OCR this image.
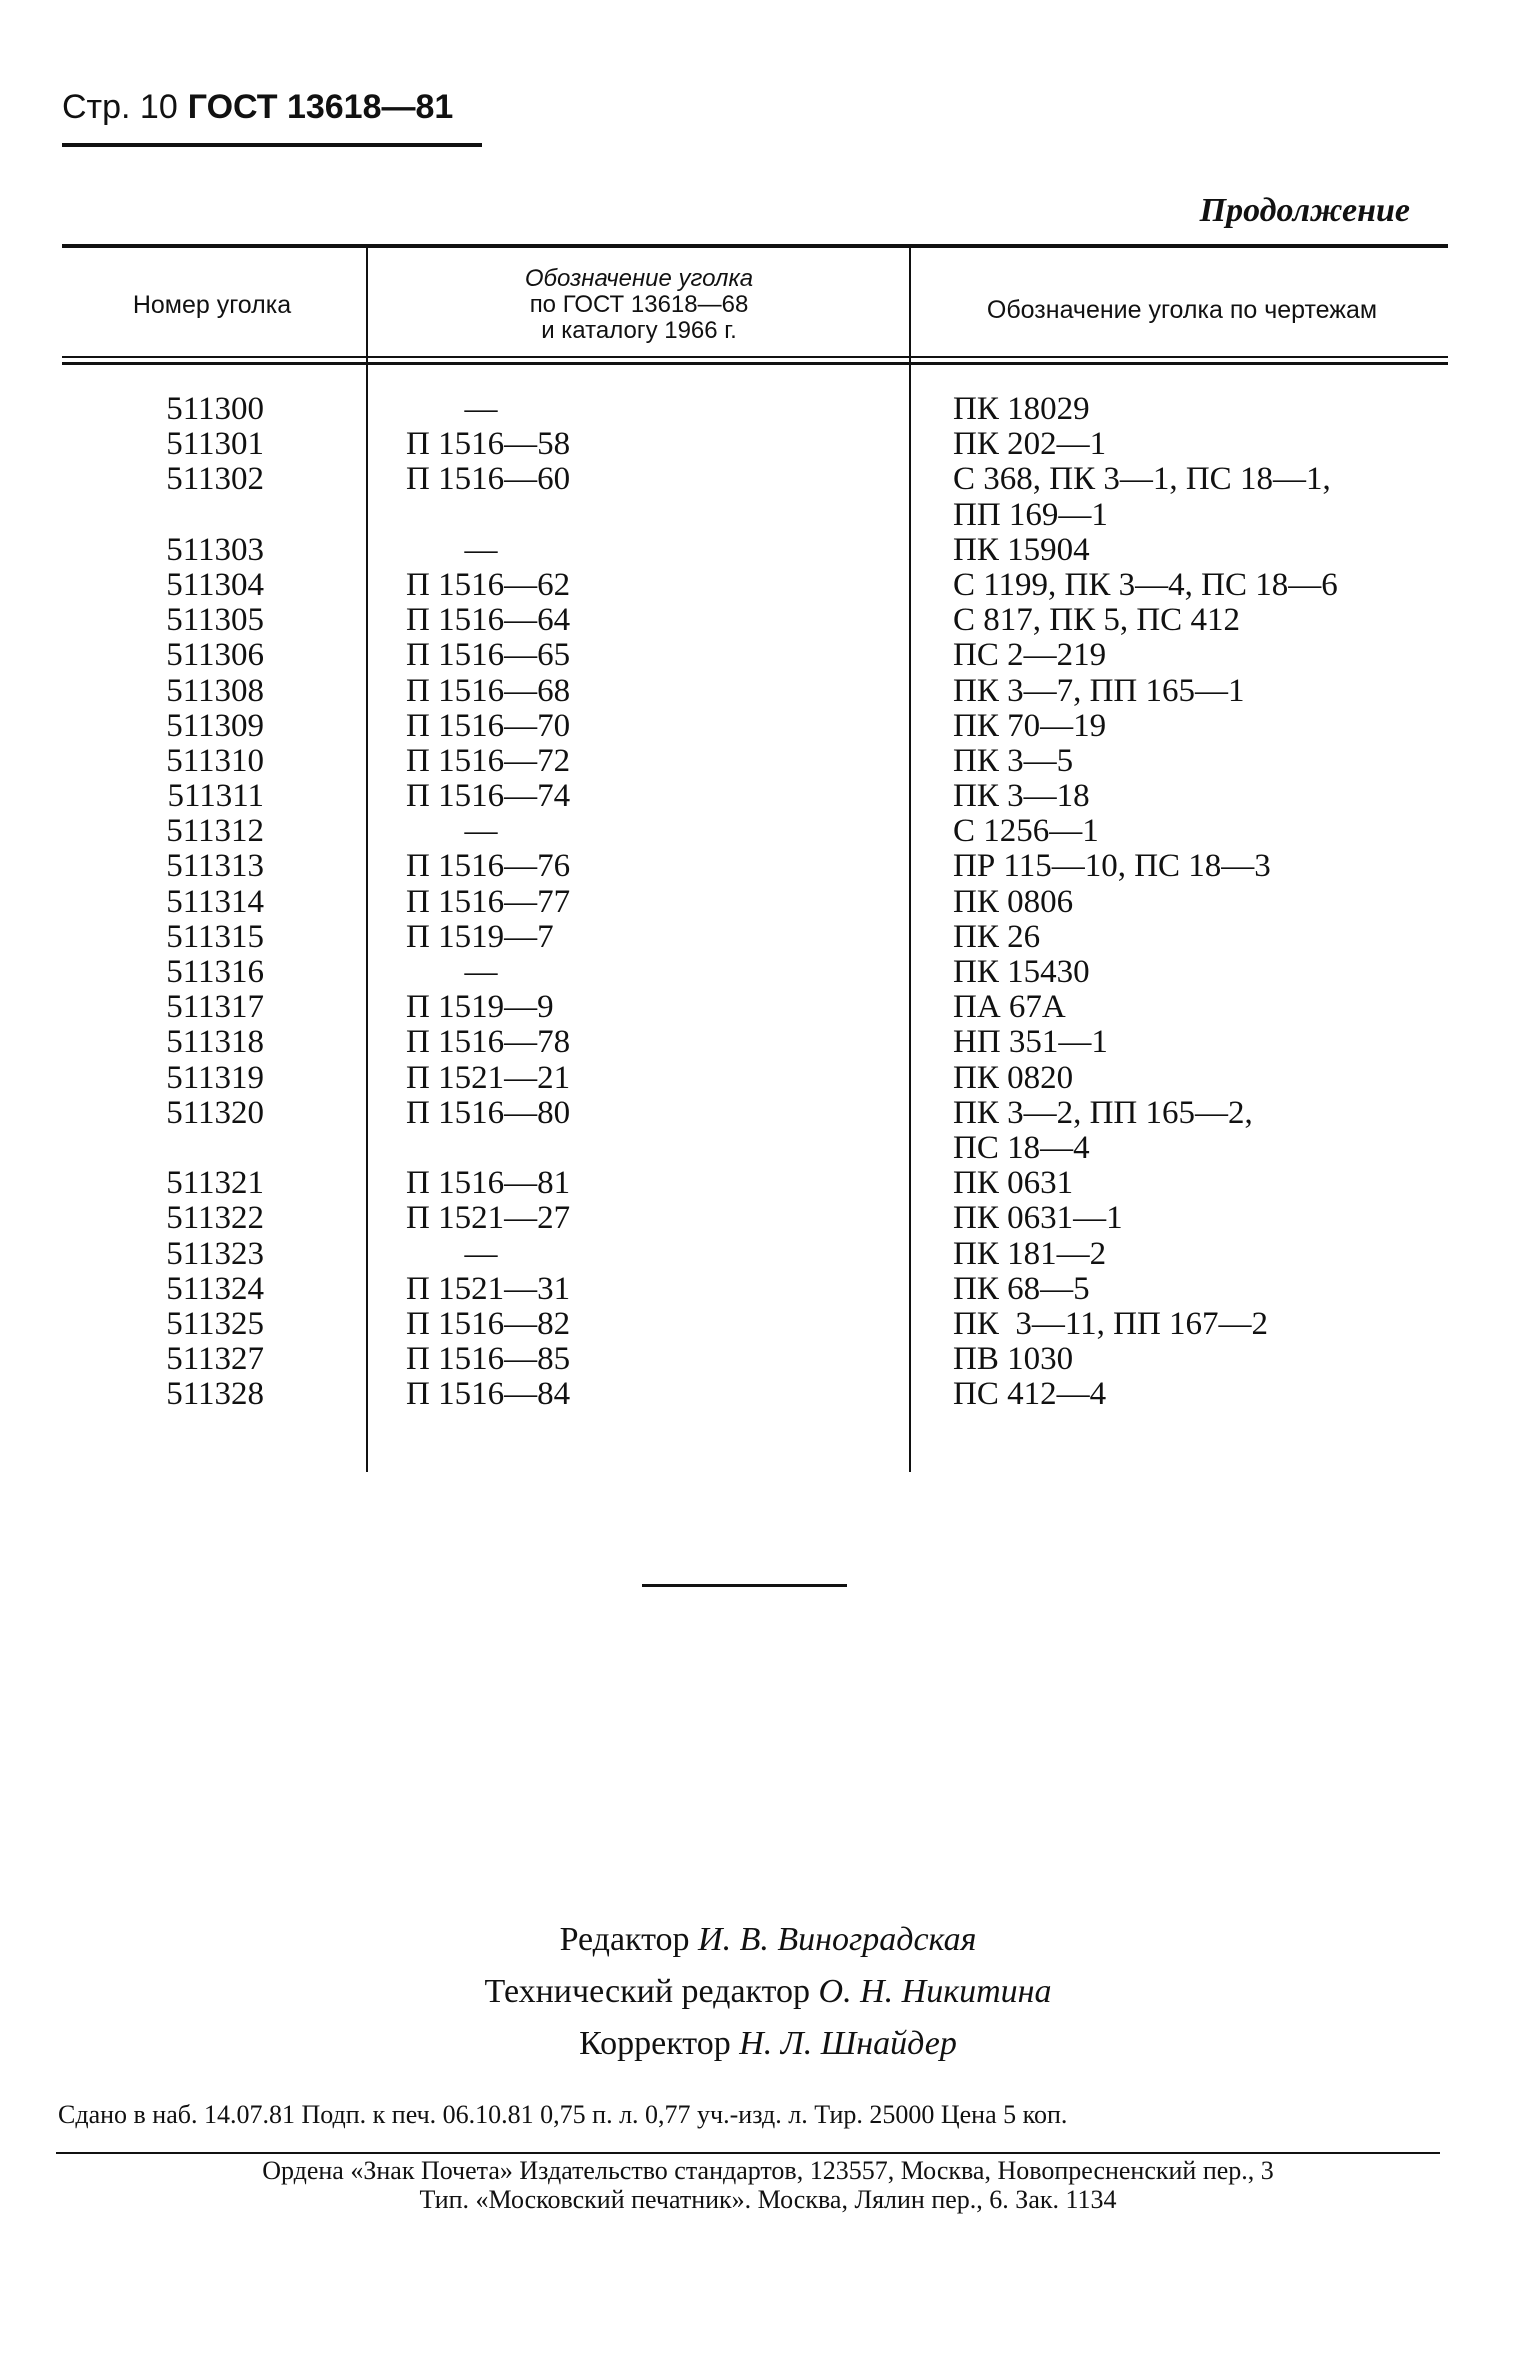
Стр. 10 ГОСТ 13618—81
Продолжение
Номер уголка
Обозначение уголка
по ГОСТ 13618—68
и каталогу 1966 г.
Обозначение уголка по чертежам
511300
511301
511302
511303
511304
511305
511306
511308
511309
511310
511311
511312
511313
511314
511315
511316
511317
511318
511319
511320
511321
511322
511323
511324
511325
511327
511328
—
П 1516—58
П 1516—60
—
П 1516—62
П 1516—64
П 1516—65
П 1516—68
П 1516—70
П 1516—72
П 1516—74
—
П 1516—76
П 1516—77
П 1519—7
—
П 1519—9
П 1516—78
П 1521—21
П 1516—80
П 1516—81
П 1521—27
—
П 1521—31
П 1516—82
П 1516—85
П 1516—84
ПК 18029
ПК 202—1
С 368, ПК 3—1, ПС 18—1,
ПП 169—1
ПК 15904
С 1199, ПК 3—4, ПС 18—6
С 817, ПК 5, ПС 412
ПС 2—219
ПК 3—7, ПП 165—1
ПК 70—19
ПК 3—5
ПК 3—18
С 1256—1
ПР 115—10, ПС 18—3
ПК 0806
ПК 26
ПК 15430
ПА 67А
НП 351—1
ПК 0820
ПК 3—2, ПП 165—2,
ПС 18—4
ПК 0631
ПК 0631—1
ПК 181—2
ПК 68—5
ПК  3—11, ПП 167—2
ПВ 1030
ПС 412—4
Редактор И. В. Виноградская
Технический редактор О. Н. Никитина
Корректор Н. Л. Шнайдер
Сдано в наб. 14.07.81 Подп. к печ. 06.10.81 0,75 п. л. 0,77 уч.-изд. л. Тир. 25000 Цена 5 коп.
Ордена «Знак Почета» Издательство стандартов, 123557, Москва, Новопресненский пер., 3
Тип. «Московский печатник». Москва, Лялин пер., 6. Зак. 1134
